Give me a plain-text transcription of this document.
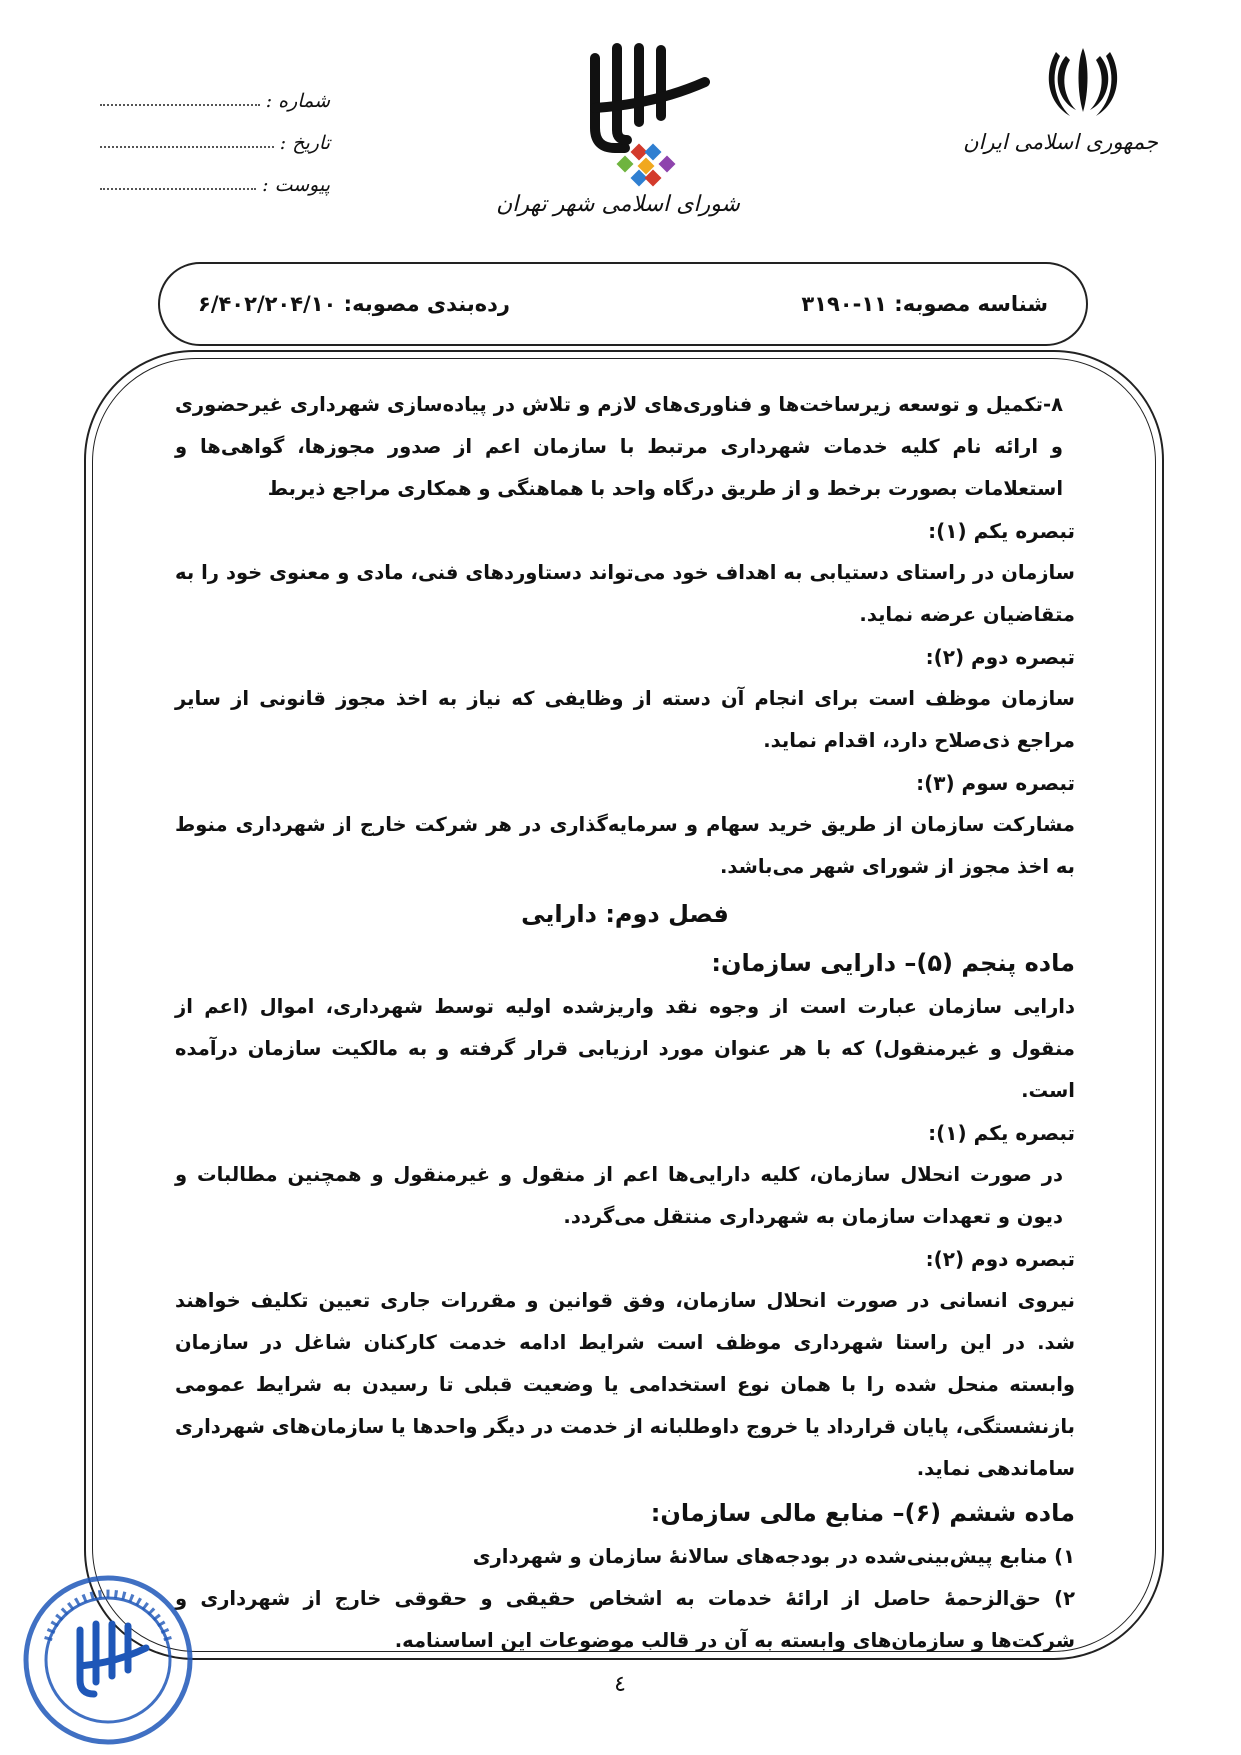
جمهوری اسلامی ایران
شورای اسلامی شهر تهران
شماره :
تاریخ :
پیوست :
شناسه مصوبه: ۱۱-۳۱۹۰
رده‌بندی مصوبه: ۶/۴۰۲/۲۰۴/۱۰

۸-تکمیل و توسعه زیرساخت‌ها و فناوری‌های لازم و تلاش در پیاده‌سازی شهرداری غیرحضوری و ارائه نام کلیه خدمات شهرداری مرتبط با سازمان اعم از صدور مجوزها، گواهی‌ها و استعلامات بصورت برخط و از طریق درگاه واحد با هماهنگی و همکاری مراجع ذیربط

تبصره یکم (۱):

سازمان در راستای دستیابی به اهداف خود می‌تواند دستاوردهای فنی، مادی و معنوی خود را به متقاضیان عرضه نماید.

تبصره دوم (۲):

سازمان موظف است برای انجام آن دسته از وظایفی که نیاز به اخذ مجوز قانونی از سایر مراجع ذی‌صلاح دارد، اقدام نماید.

تبصره سوم (۳):

مشارکت سازمان از طریق خرید سهام و سرمایه‌گذاری در هر شرکت خارج از شهرداری منوط به اخذ مجوز از شورای شهر می‌باشد.

فصل دوم: دارایی

ماده پنجم (۵)– دارایی سازمان:

دارایی سازمان عبارت است از وجوه نقد واریزشده اولیه توسط شهرداری، اموال (اعم از منقول و غیرمنقول) که با هر عنوان مورد ارزیابی قرار گرفته و به مالکیت سازمان درآمده است.

تبصره یکم (۱):

در صورت انحلال سازمان، کلیه دارایی‌ها اعم از منقول و غیرمنقول و همچنین مطالبات و دیون و تعهدات سازمان به شهرداری منتقل می‌گردد.

تبصره دوم (۲):

نیروی انسانی در صورت انحلال سازمان، وفق قوانین و مقررات جاری تعیین تکلیف خواهند شد. در این راستا شهرداری موظف است شرایط ادامه خدمت کارکنان شاغل در سازمان وابسته منحل شده را با همان نوع استخدامی یا وضعیت قبلی تا رسیدن به شرایط عمومی بازنشستگی، پایان قرارداد یا خروج داوطلبانه از خدمت در دیگر واحدها یا سازمان‌های شهرداری ساماندهی نماید.

ماده ششم (۶)– منابع مالی سازمان:

۱) منابع پیش‌بینی‌شده در بودجه‌های سالانهٔ سازمان و شهرداری

۲) حق‌الزحمهٔ حاصل از ارائهٔ خدمات به اشخاص حقیقی و حقوقی خارج از شهرداری و شرکت‌ها و سازمان‌های وابسته به آن در قالب موضوعات این اساسنامه.

٤
